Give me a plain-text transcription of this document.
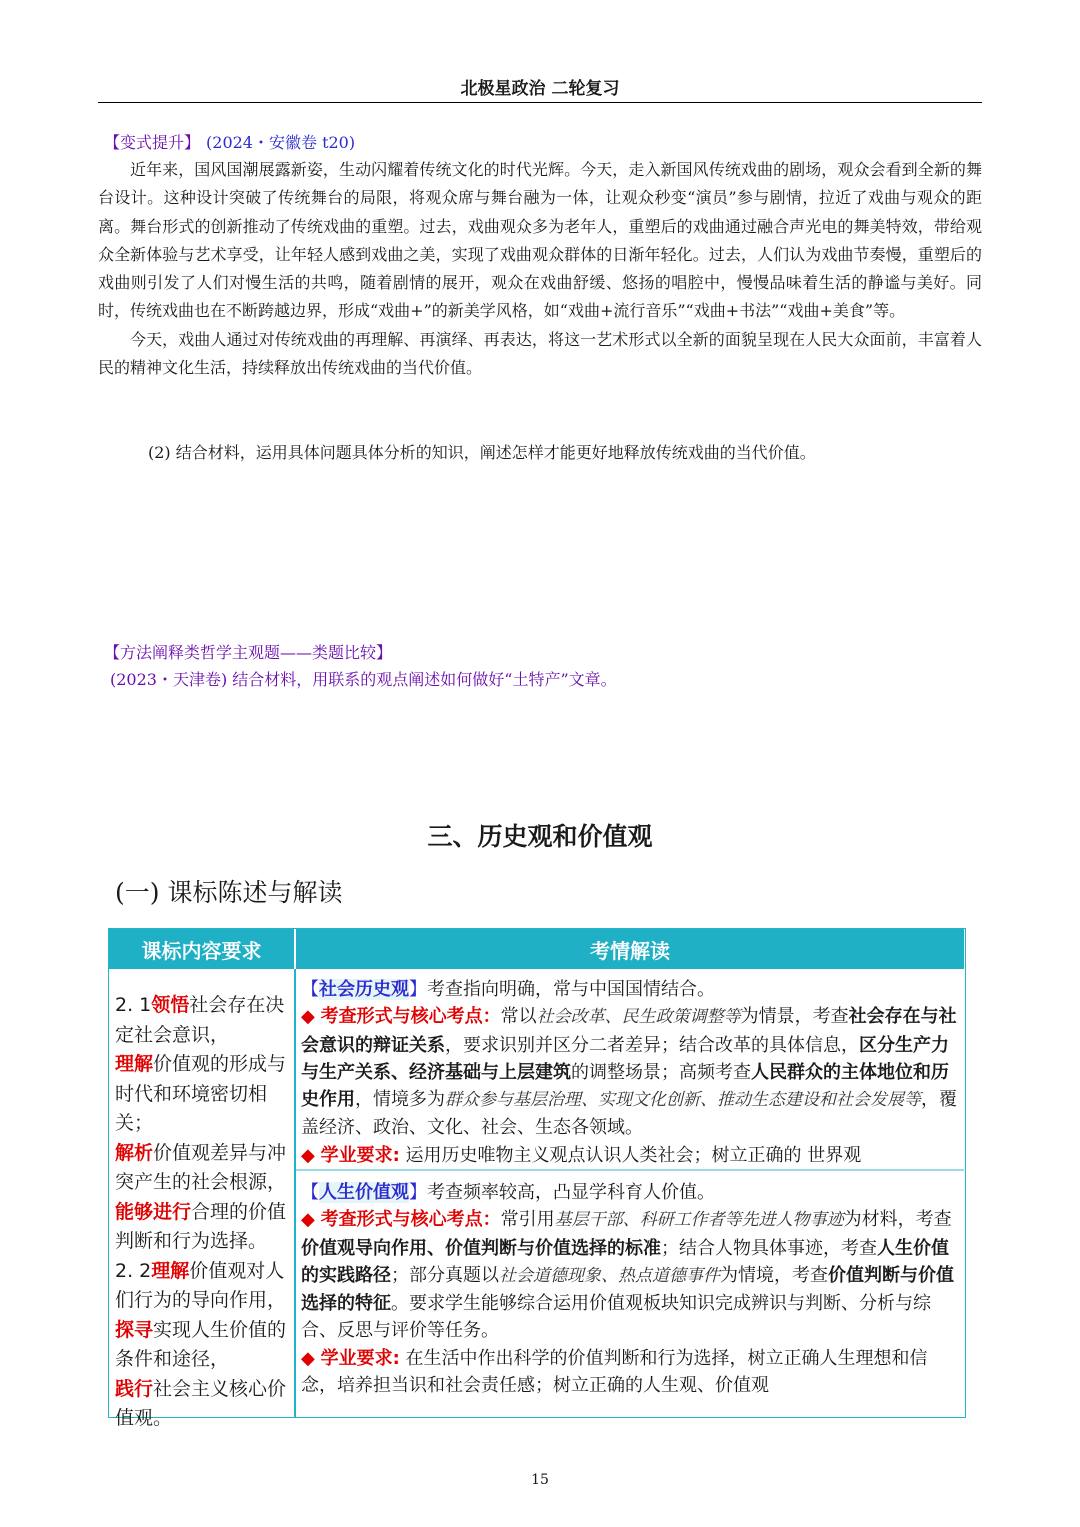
北极星政治 二轮复习
【变式提升】 (2024・安徽卷 t20)

近年来，国风国潮展露新姿，生动闪耀着传统文化的时代光辉。今天，走入新国风传统戏曲的剧场，观众会看到全新的舞台设计。这种设计突破了传统舞台的局限，将观众席与舞台融为一体，让观众秒变“演员”参与剧情，拉近了戏曲与观众的距离。舞台形式的创新推动了传统戏曲的重塑。过去，戏曲观众多为老年人，重塑后的戏曲通过融合声光电的舞美特效，带给观众全新体验与艺术享受，让年轻人感到戏曲之美，实现了戏曲观众群体的日渐年轻化。过去，人们认为戏曲节奏慢，重塑后的戏曲则引发了人们对慢生活的共鸣，随着剧情的展开，观众在戏曲舒缓、悠扬的唱腔中，慢慢品味着生活的静谧与美好。同时，传统戏曲也在不断跨越边界，形成“戏曲+”的新美学风格，如“戏曲+流行音乐”“戏曲+书法”“戏曲+美食”等。

今天，戏曲人通过对传统戏曲的再理解、再演绎、再表达，将这一艺术形式以全新的面貌呈现在人民大众面前，丰富着人民的精神文化生活，持续释放出传统戏曲的当代价值。

(2) 结合材料，运用具体问题具体分析的知识，阐述怎样才能更好地释放传统戏曲的当代价值。
【方法阐释类哲学主观题——类题比较】
(2023・天津卷) 结合材料，用联系的观点阐述如何做好“土特产”文章。
三、历史观和价值观
(一) 课标陈述与解读
课标内容要求	考情解读
2. 1领悟社会存在决定社会意识，
理解价值观的形成与时代和环境密切相关；
解析价值观差异与冲突产生的社会根源，
能够进行合理的价值判断和行为选择。
2. 2理解价值观对人们行为的导向作用，
探寻实现人生价值的条件和途径，
践行社会主义核心价值观。
【社会历史观】考查指向明确，常与中国国情结合。
◆ 考查形式与核心考点：常以社会改革、民生政策调整等为情景，考查社会存在与社会意识的辩证关系，要求识别并区分二者差异；结合改革的具体信息，区分生产力与生产关系、经济基础与上层建筑的调整场景；高频考查人民群众的主体地位和历史作用，情境多为群众参与基层治理、实现文化创新、推动生态建设和社会发展等，覆盖经济、政治、文化、社会、生态各领域。
◆ 学业要求: 运用历史唯物主义观点认识人类社会；树立正确的 世界观
【人生价值观】考查频率较高，凸显学科育人价值。
◆ 考查形式与核心考点：常引用基层干部、科研工作者等先进人物事迹为材料，考查价值观导向作用、价值判断与价值选择的标准；结合人物具体事迹，考查人生价值的实践路径；部分真题以社会道德现象、热点道德事件为情境，考查价值判断与价值选择的特征。要求学生能够综合运用价值观板块知识完成辨识与判断、分析与综合、反思与评价等任务。
◆ 学业要求: 在生活中作出科学的价值判断和行为选择，树立正确人生理想和信念，培养担当识和社会责任感；树立正确的人生观、价值观
15
